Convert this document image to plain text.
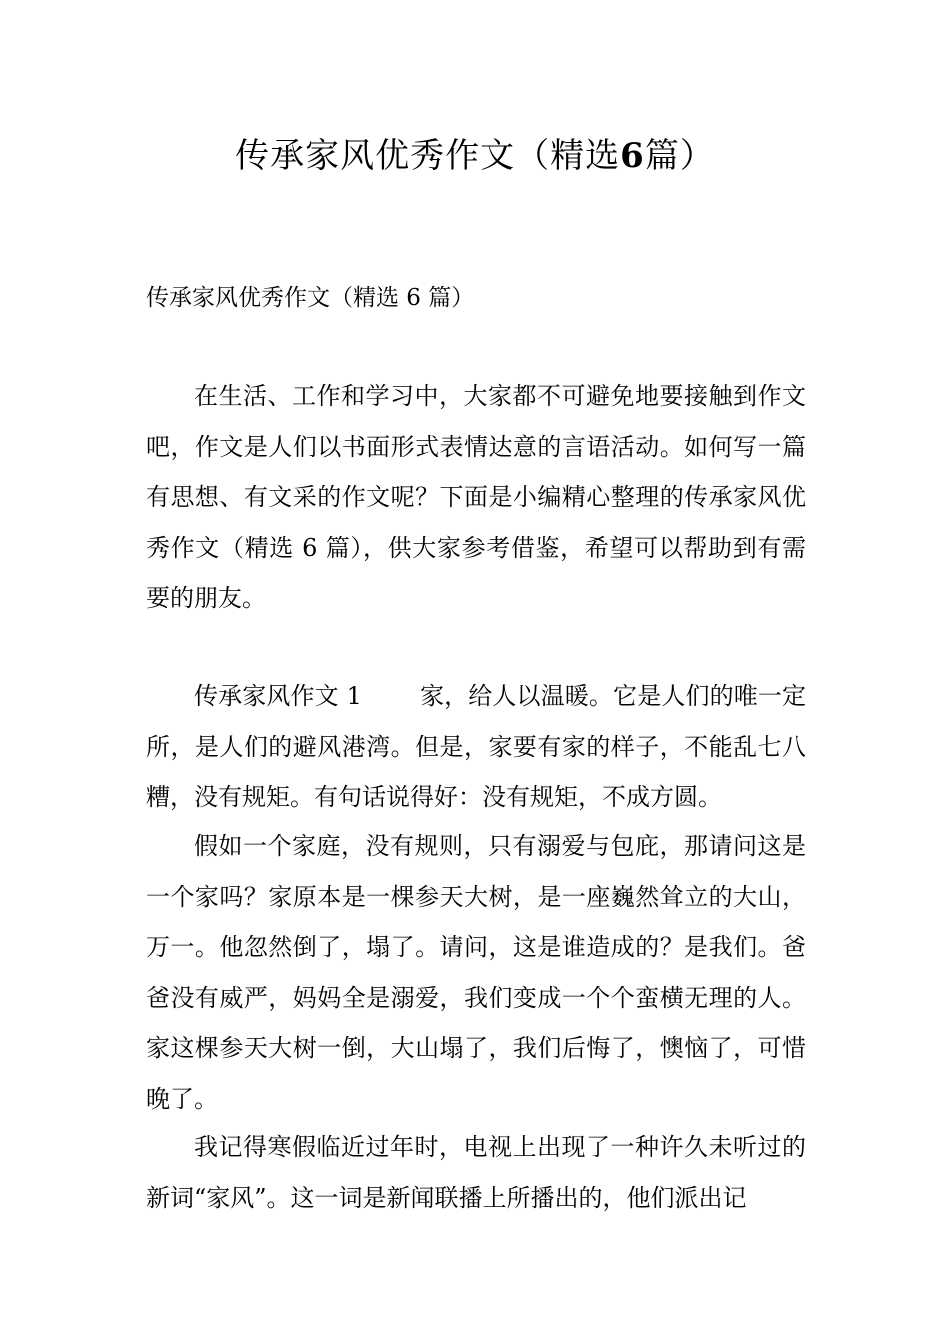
传承家风优秀作文（精选6篇）
传承家风优秀作文（精选 6 篇）

在生活、工作和学习中，大家都不可避免地要接触到作文吧，作文是人们以书面形式表情达意的言语活动。如何写一篇有思想、有文采的作文呢？下面是小编精心整理的传承家风优秀作文（精选 6 篇），供大家参考借鉴，希望可以帮助到有需要的朋友。

传承家风作文 1 家，给人以温暖。它是人们的唯一定所，是人们的避风港湾。但是，家要有家的样子，不能乱七八糟，没有规矩。有句话说得好：没有规矩，不成方圆。

假如一个家庭，没有规则，只有溺爱与包庇，那请问这是一个家吗？家原本是一棵参天大树，是一座巍然耸立的大山，万一。他忽然倒了，塌了。请问，这是谁造成的？是我们。爸爸没有威严，妈妈全是溺爱，我们变成一个个蛮横无理的人。家这棵参天大树一倒，大山塌了，我们后悔了，懊恼了，可惜晚了。

我记得寒假临近过年时，电视上出现了一种许久未听过的新词“家风”。这一词是新闻联播上所播出的，他们派出记
